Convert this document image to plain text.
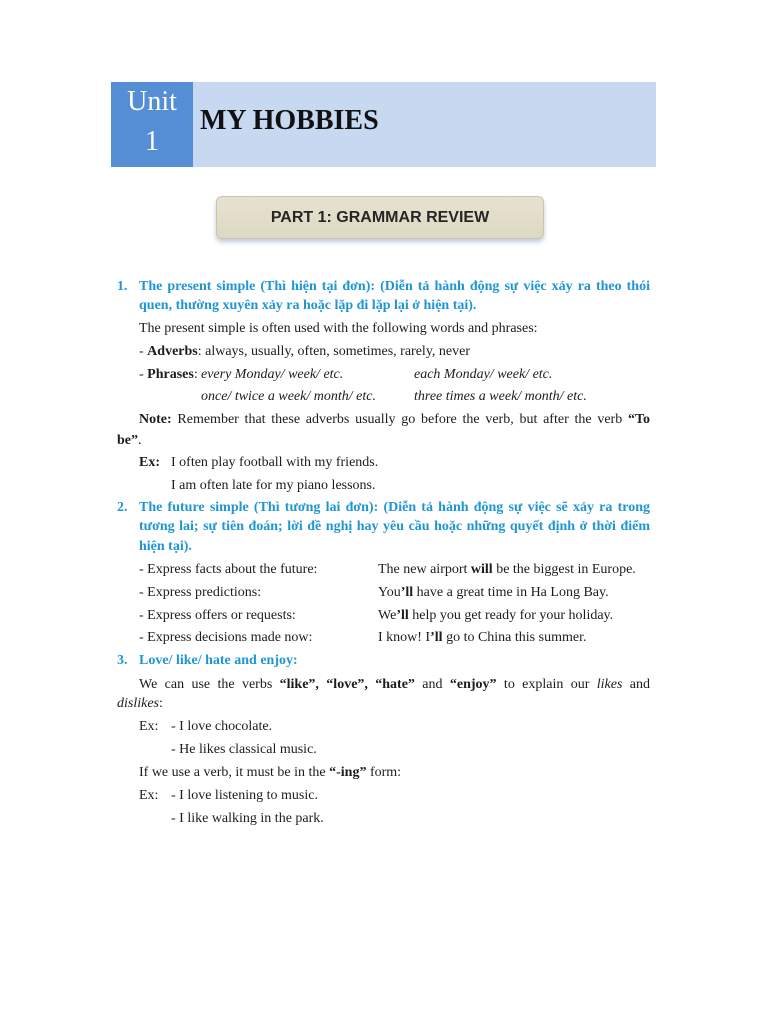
Unit
1
MY HOBBIES
PART 1: GRAMMAR REVIEW
1. The present simple (Thì hiện tại đơn): (Diễn tả hành động sự việc xảy ra theo thói
quen, thường xuyên xảy ra hoặc lặp đi lặp lại ở hiện tại).
The present simple is often used with the following words and phrases:
- Adverbs: always, usually, often, sometimes, rarely, never
- Phrases: every Monday/ week/ etc.	each Monday/ week/ etc.
once/ twice a week/ month/ etc.	three times a week/ month/ etc.
Note: Remember that these adverbs usually go before the verb, but after the verb “To
be”.
Ex: I often play football with my friends.
I am often late for my piano lessons.
2. The future simple (Thì tương lai đơn): (Diễn tả hành động sự việc sẽ xảy ra trong
tương lai; sự tiên đoán; lời đề nghị hay yêu cầu hoặc những quyết định ở thời điểm
hiện tại).
- Express facts about the future:	The new airport will be the biggest in Europe.
- Express predictions:	You’ll have a great time in Ha Long Bay.
- Express offers or requests:	We’ll help you get ready for your holiday.
- Express decisions made now:	I know! I’ll go to China this summer.
3. Love/ like/ hate and enjoy:
We can use the verbs “like”, “love”, “hate” and “enjoy” to explain our likes and
dislikes:
Ex: - I love chocolate.
- He likes classical music.
If we use a verb, it must be in the “-ing” form:
Ex: - I love listening to music.
- I like walking in the park.
